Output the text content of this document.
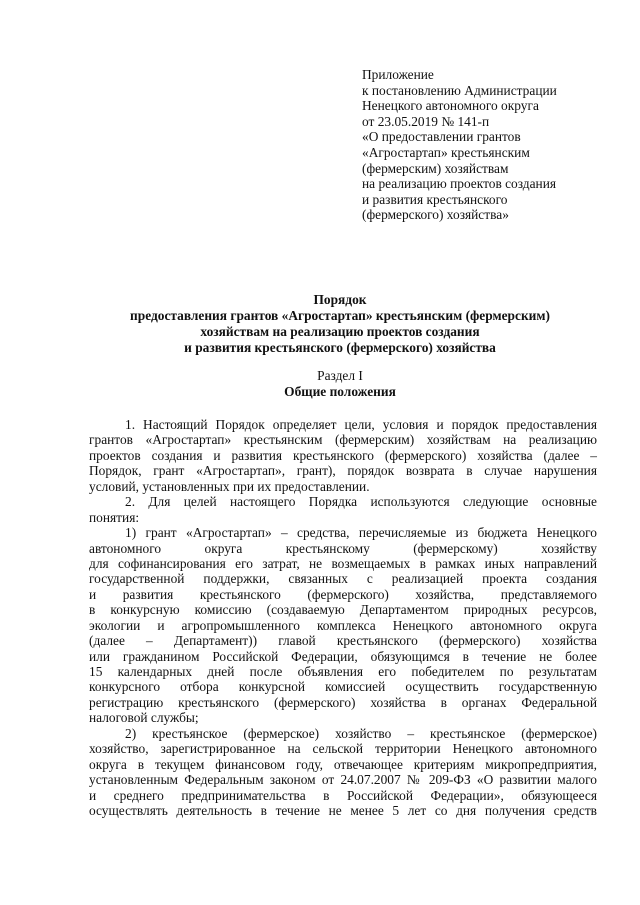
Приложение
к постановлению Администрации
Ненецкого автономного округа
от 23.05.2019 № 141-п
«О предоставлении грантов
«Агростартап» крестьянским
(фермерским) хозяйствам
на реализацию проектов создания
и развития крестьянского
(фермерского) хозяйства»
Порядок
предоставления грантов «Агростартап» крестьянским (фермерским)
хозяйствам на реализацию проектов создания
и развития крестьянского (фермерского) хозяйства
Раздел I
Общие положения
1. Настоящий Порядок определяет цели, условия и порядок предоставления
грантов «Агростартап» крестьянским (фермерским) хозяйствам на реализацию
проектов создания и развития крестьянского (фермерского) хозяйства (далее –
Порядок, грант «Агростартап», грант), порядок возврата в случае нарушения
условий, установленных при их предоставлении.
2. Для целей настоящего Порядка используются следующие основные
понятия:
1) грант «Агростартап» – средства, перечисляемые из бюджета Ненецкого
автономного округа крестьянскому (фермерскому) хозяйству
для софинансирования его затрат, не возмещаемых в рамках иных направлений
государственной поддержки, связанных с реализацией проекта создания
и развития крестьянского (фермерского) хозяйства, представляемого
в конкурсную комиссию (создаваемую Департаментом природных ресурсов,
экологии и агропромышленного комплекса Ненецкого автономного округа
(далее – Департамент)) главой крестьянского (фермерского) хозяйства
или гражданином Российской Федерации, обязующимся в течение не более
15 календарных дней после объявления его победителем по результатам
конкурсного отбора конкурсной комиссией осуществить государственную
регистрацию крестьянского (фермерского) хозяйства в органах Федеральной
налоговой службы;
2) крестьянское (фермерское) хозяйство – крестьянское (фермерское)
хозяйство, зарегистрированное на сельской территории Ненецкого автономного
округа в текущем финансовом году, отвечающее критериям микропредприятия,
установленным Федеральным законом от 24.07.2007 № 209-ФЗ «О развитии малого
и среднего предпринимательства в Российской Федерации», обязующееся
осуществлять деятельность в течение не менее 5 лет со дня получения средств
